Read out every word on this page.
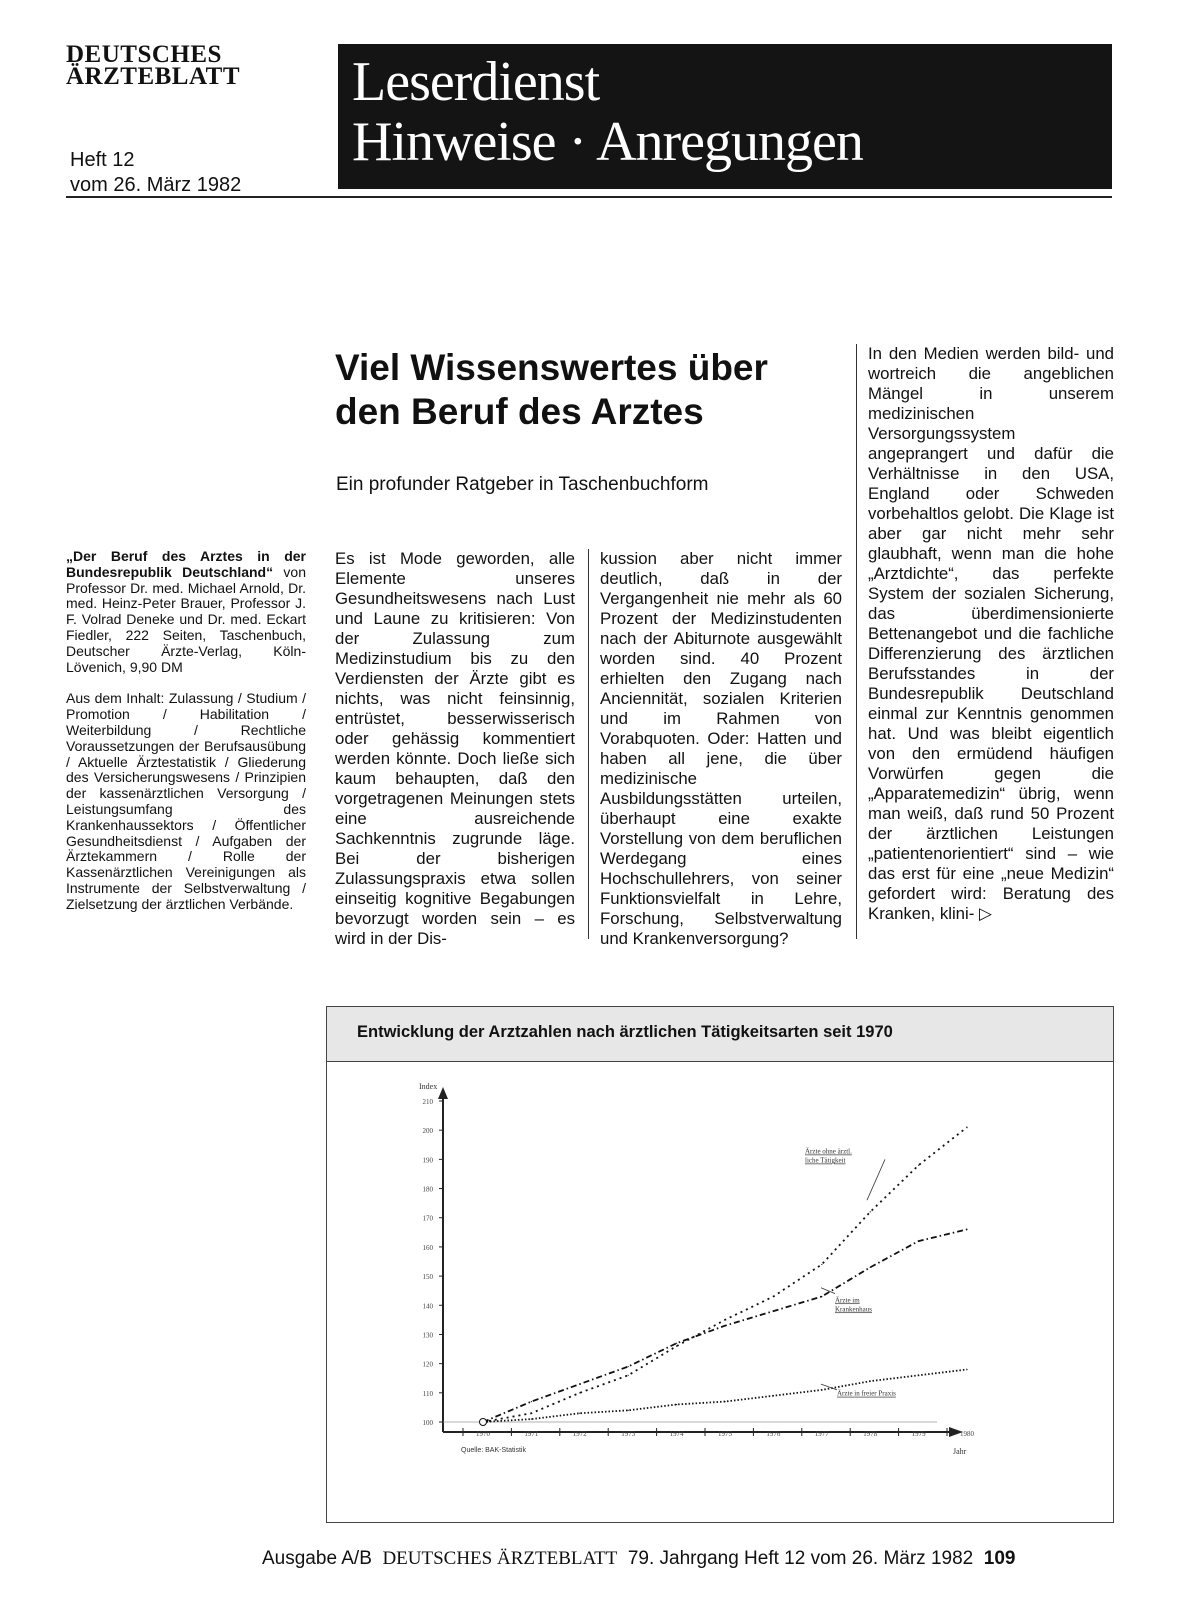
DEUTSCHES
ÄRZTEBLATT
Heft 12
vom 26. März 1982
Leserdienst
Hinweise · Anregungen
Viel Wissenswertes über den Beruf des Arztes
Ein profunder Ratgeber in Taschenbuchform

„Der Beruf des Arztes in der Bundesrepublik Deutschland“ von Professor Dr. med. Michael Arnold, Dr. med. Heinz-Peter Brauer, Professor J. F. Volrad Deneke und Dr. med. Eckart Fiedler, 222 Seiten, Taschenbuch, Deutscher Ärzte-Verlag, Köln-Lövenich, 9,90 DM

Aus dem Inhalt: Zulassung / Studium / Promotion / Habilitation / Weiterbildung / Rechtliche Voraussetzungen der Berufsausübung / Aktuelle Ärztestatistik / Gliederung des Versicherungswesens / Prinzipien der kassenärztlichen Versorgung / Leistungsumfang des Krankenhaussektors / Öffentlicher Gesundheitsdienst / Aufgaben der Ärztekammern / Rolle der Kassenärztlichen Vereinigungen als Instrumente der Selbstverwaltung / Zielsetzung der ärztlichen Verbände.

Es ist Mode geworden, alle Elemente unseres Gesundheitswesens nach Lust und Laune zu kritisieren: Von der Zulassung zum Medizinstudium bis zu den Verdiensten der Ärzte gibt es nichts, was nicht feinsinnig, entrüstet, besserwisserisch oder gehässig kommentiert werden könnte. Doch ließe sich kaum behaupten, daß den vorgetragenen Meinungen stets eine ausreichende Sachkenntnis zugrunde läge. Bei der bisherigen Zulassungspraxis etwa sollen einseitig kognitive Begabungen bevorzugt worden sein – es wird in der Dis-
kussion aber nicht immer deutlich, daß in der Vergangenheit nie mehr als 60 Prozent der Medizinstudenten nach der Abiturnote ausgewählt worden sind. 40 Prozent erhielten den Zugang nach Anciennität, sozialen Kriterien und im Rahmen von Vorabquoten. Oder: Hatten und haben all jene, die über medizinische Ausbildungsstätten urteilen, überhaupt eine exakte Vorstellung von dem beruflichen Werdegang eines Hochschullehrers, von seiner Funktionsvielfalt in Lehre, Forschung, Selbstverwaltung und Krankenversorgung?
In den Medien werden bild- und wortreich die angeblichen Mängel in unserem medizinischen Versorgungssystem angeprangert und dafür die Verhältnisse in den USA, England oder Schweden vorbehaltlos gelobt. Die Klage ist aber gar nicht mehr sehr glaubhaft, wenn man die hohe „Arztdichte“, das perfekte System der sozialen Sicherung, das überdimensionierte Bettenangebot und die fachliche Differenzierung des ärztlichen Berufsstandes in der Bundesrepublik Deutschland einmal zur Kenntnis genommen hat. Und was bleibt eigentlich von den ermüdend häufigen Vorwürfen gegen die „Apparatemedizin“ übrig, wenn man weiß, daß rund 50 Prozent der ärztlichen Leistungen „patientenorientiert“ sind – wie das erst für eine „neue Medizin“ gefordert wird: Beratung des Kranken, klini- ▷
Entwicklung der Arztzahlen nach ärztlichen Tätigkeitsarten seit 1970
Index
Jahr
100
110
120
130
140
150
160
170
180
190
200
210
1970	1971	1972	1973	1974	1975	1976	1977	1978	1979	1980
Quelle: BAK-Statistik
Ärzte ohne ärztl.
liche Tätigkeit
Ärzte im
Krankenhaus
Ärzte in freier Praxis
Ausgabe A/B DEUTSCHES ÄRZTEBLATT 79. Jahrgang Heft 12 vom 26. März 1982 109
